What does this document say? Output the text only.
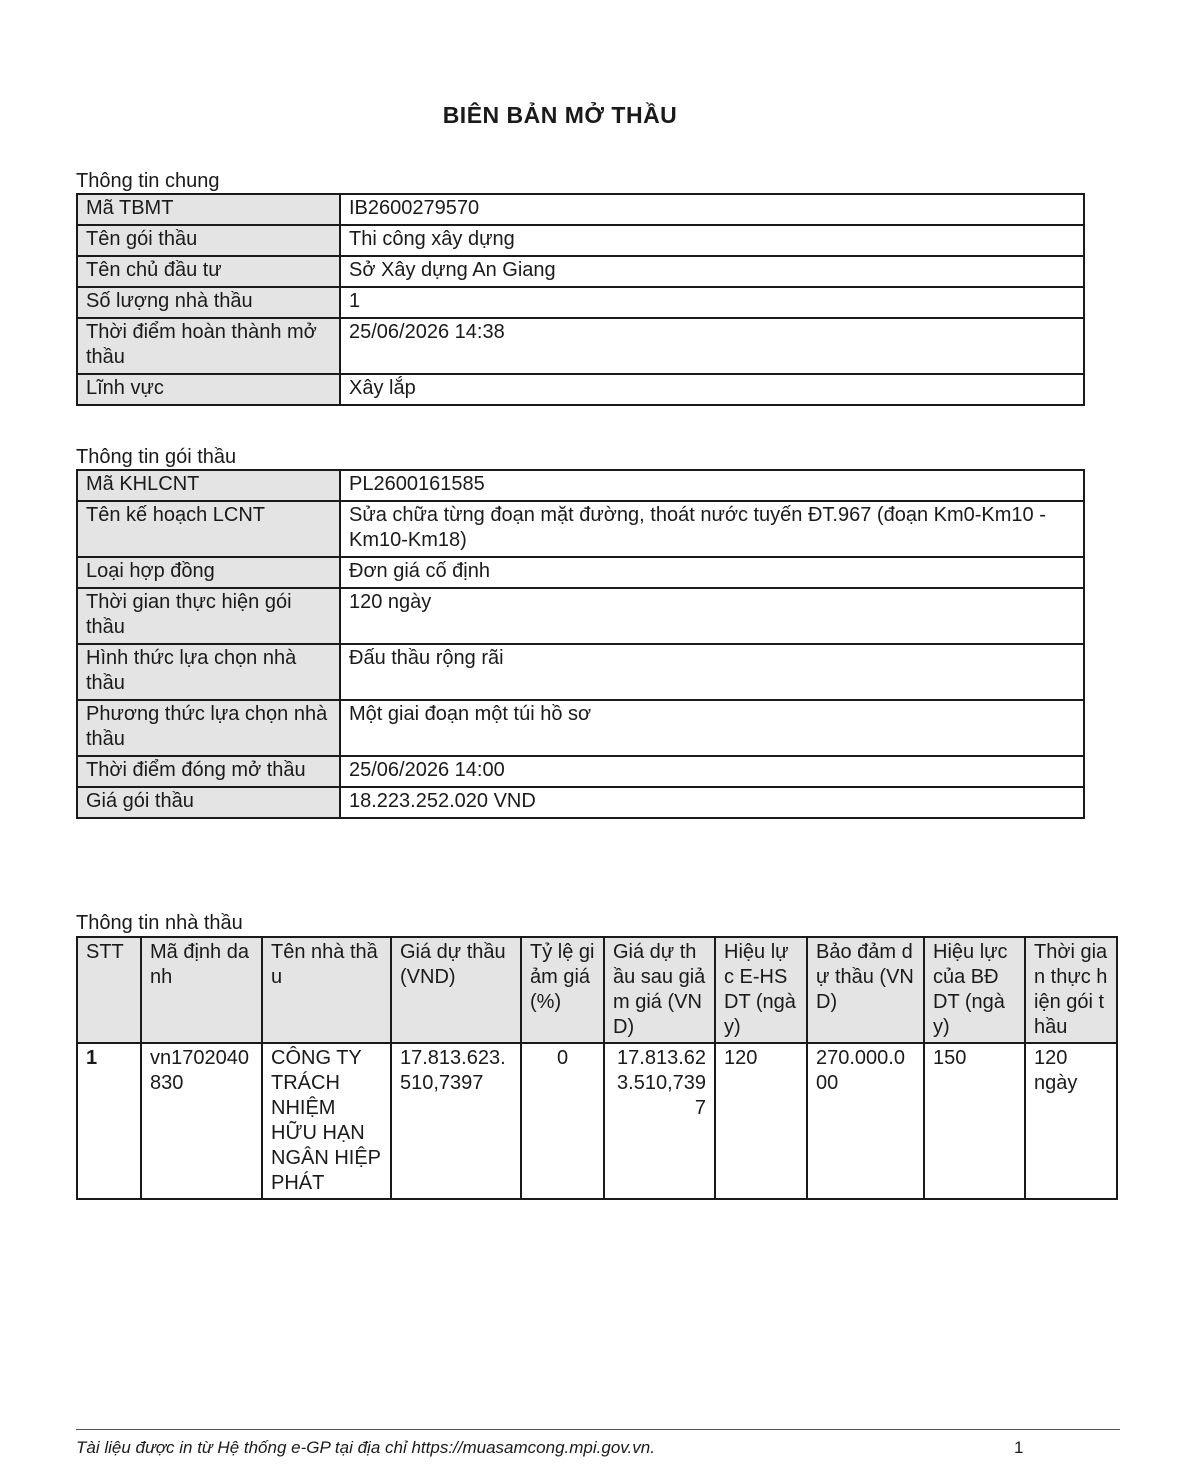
BIÊN BẢN MỞ THẦU
Thông tin chung
Mã TBMT	IB2600279570
Tên gói thầu	Thi công xây dựng
Tên chủ đầu tư	Sở Xây dựng An Giang
Số lượng nhà thầu	1
Thời điểm hoàn thành mở thầu	25/06/2026 14:38
Lĩnh vực	Xây lắp
Thông tin gói thầu
Mã KHLCNT	PL2600161585
Tên kế hoạch LCNT	Sửa chữa từng đoạn mặt đường, thoát nước tuyến ĐT.967 (đoạn Km0-Km10 - Km10-Km18)
Loại hợp đồng	Đơn giá cố định
Thời gian thực hiện gói thầu	120 ngày
Hình thức lựa chọn nhà thầu	Đấu thầu rộng rãi
Phương thức lựa chọn nhà thầu	Một giai đoạn một túi hồ sơ
Thời điểm đóng mở thầu	25/06/2026 14:00
Giá gói thầu	18.223.252.020 VND
Thông tin nhà thầu
STT	Mã định danh	Tên nhà thầu	Giá dự thầu (VND)	Tỷ lệ giảm giá (%)	Giá dự thầu sau giảm giá (VND)	Hiệu lực E-HSDT (ngày)	Bảo đảm dự thầu (VND)	Hiệu lực của BĐ DT (ngày)	Thời gian thực hiện gói thầu
1	vn1702040830	CÔNG TY TRÁCH NHIỆM HỮU HẠN NGÂN HIỆP PHÁT	17.813.623.510,7397	0	17.813.623.510,7397	120	270.000.000	150	120 ngày
Tài liệu được in từ Hệ thống e-GP tại địa chỉ https://muasamcong.mpi.gov.vn.	1
